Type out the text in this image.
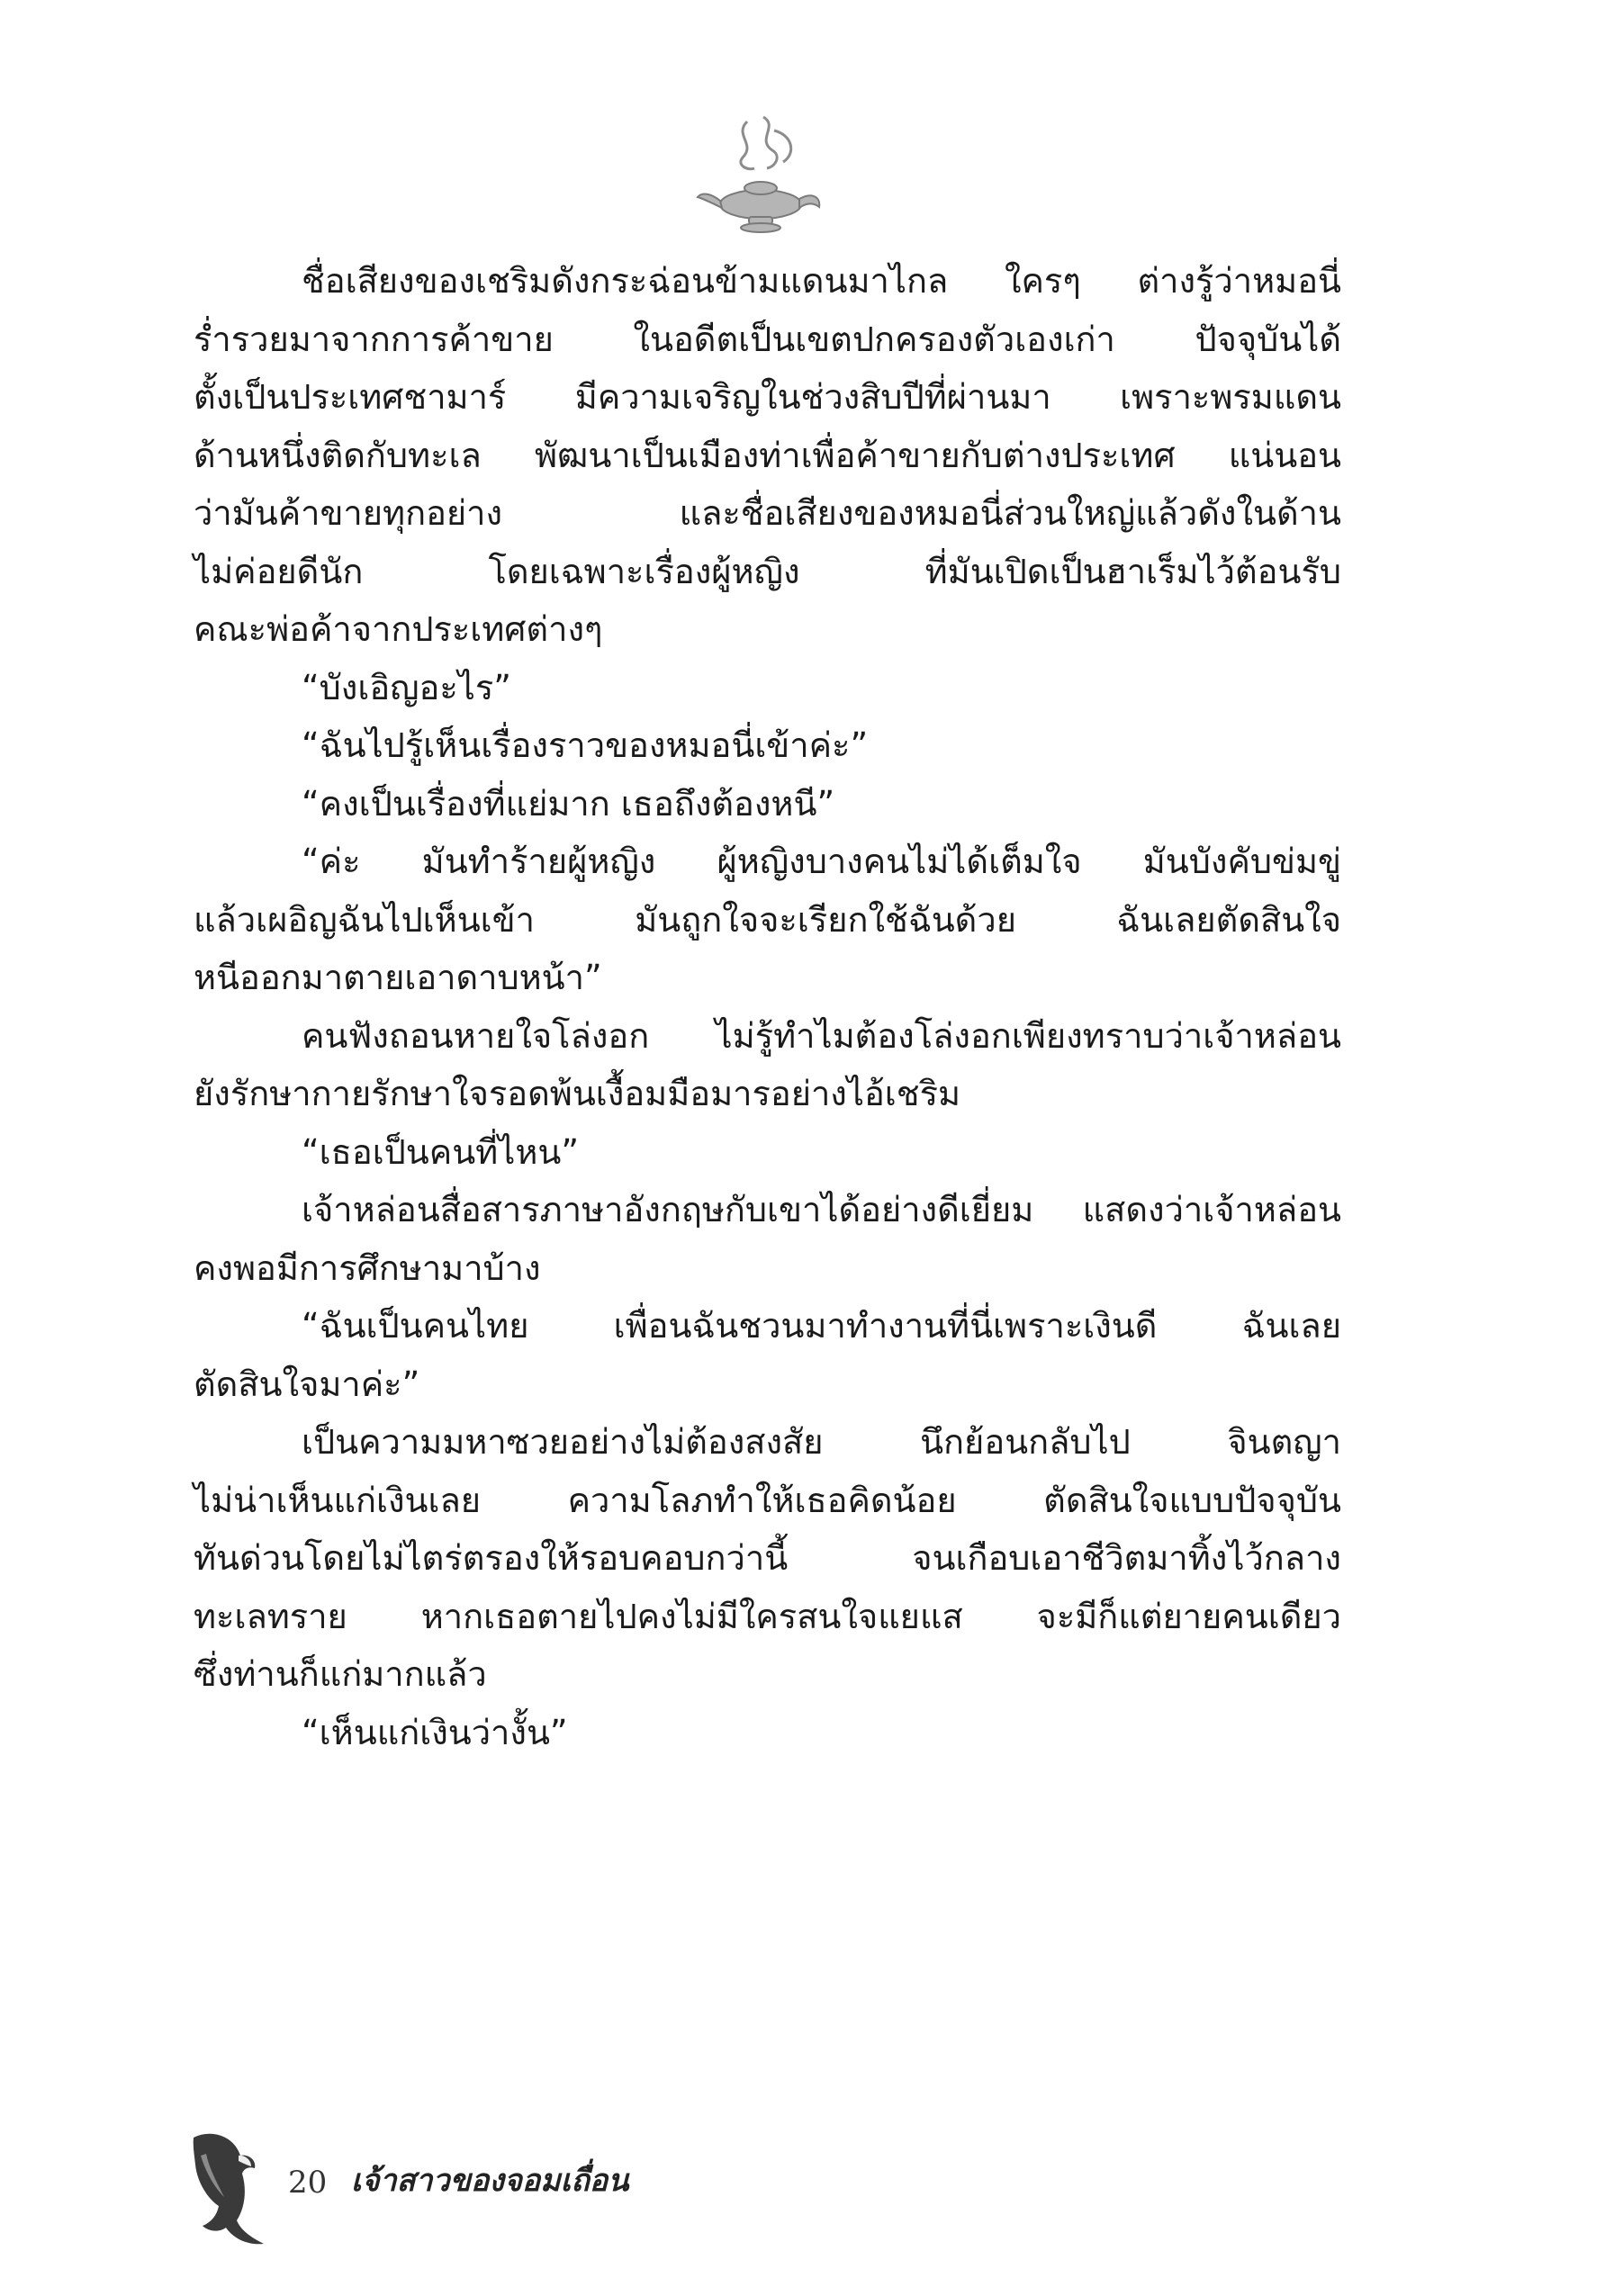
ชื่อเสียงของเชริมดังกระฉ่อนข้ามแดนมาไกล ใครๆ ต่างรู้ว่าหมอนี่
ร่ำรวยมาจากการค้าขาย ในอดีตเป็นเขตปกครองตัวเองเก่า ปัจจุบันได้
ตั้งเป็นประเทศชามาร์ มีความเจริญในช่วงสิบปีที่ผ่านมา เพราะพรมแดน
ด้านหนึ่งติดกับทะเล พัฒนาเป็นเมืองท่าเพื่อค้าขายกับต่างประเทศ แน่นอน
ว่ามันค้าขายทุกอย่าง และชื่อเสียงของหมอนี่ส่วนใหญ่แล้วดังในด้าน
ไม่ค่อยดีนัก โดยเฉพาะเรื่องผู้หญิง ที่มันเปิดเป็นฮาเร็มไว้ต้อนรับ
คณะพ่อค้าจากประเทศต่างๆ
“บังเอิญอะไร”
“ฉันไปรู้เห็นเรื่องราวของหมอนี่เข้าค่ะ”
“คงเป็นเรื่องที่แย่มาก เธอถึงต้องหนี”
“ค่ะ มันทำร้ายผู้หญิง ผู้หญิงบางคนไม่ได้เต็มใจ มันบังคับข่มขู่
แล้วเผอิญฉันไปเห็นเข้า มันถูกใจจะเรียกใช้ฉันด้วย ฉันเลยตัดสินใจ
หนีออกมาตายเอาดาบหน้า”
คนฟังถอนหายใจโล่งอก ไม่รู้ทำไมต้องโล่งอกเพียงทราบว่าเจ้าหล่อน
ยังรักษากายรักษาใจรอดพ้นเงื้อมมือมารอย่างไอ้เชริม
“เธอเป็นคนที่ไหน”
เจ้าหล่อนสื่อสารภาษาอังกฤษกับเขาได้อย่างดีเยี่ยม แสดงว่าเจ้าหล่อน
คงพอมีการศึกษามาบ้าง
“ฉันเป็นคนไทย เพื่อนฉันชวนมาทำงานที่นี่เพราะเงินดี ฉันเลย
ตัดสินใจมาค่ะ”
เป็นความมหาซวยอย่างไม่ต้องสงสัย นึกย้อนกลับไป จินตญา
ไม่น่าเห็นแก่เงินเลย ความโลภทำให้เธอคิดน้อย ตัดสินใจแบบปัจจุบัน
ทันด่วนโดยไม่ไตร่ตรองให้รอบคอบกว่านี้ จนเกือบเอาชีวิตมาทิ้งไว้กลาง
ทะเลทราย หากเธอตายไปคงไม่มีใครสนใจแยแส จะมีก็แต่ยายคนเดียว
ซึ่งท่านก็แก่มากแล้ว
“เห็นแก่เงินว่างั้น”
20 เจ้าสาวของจอมเถื่อน
